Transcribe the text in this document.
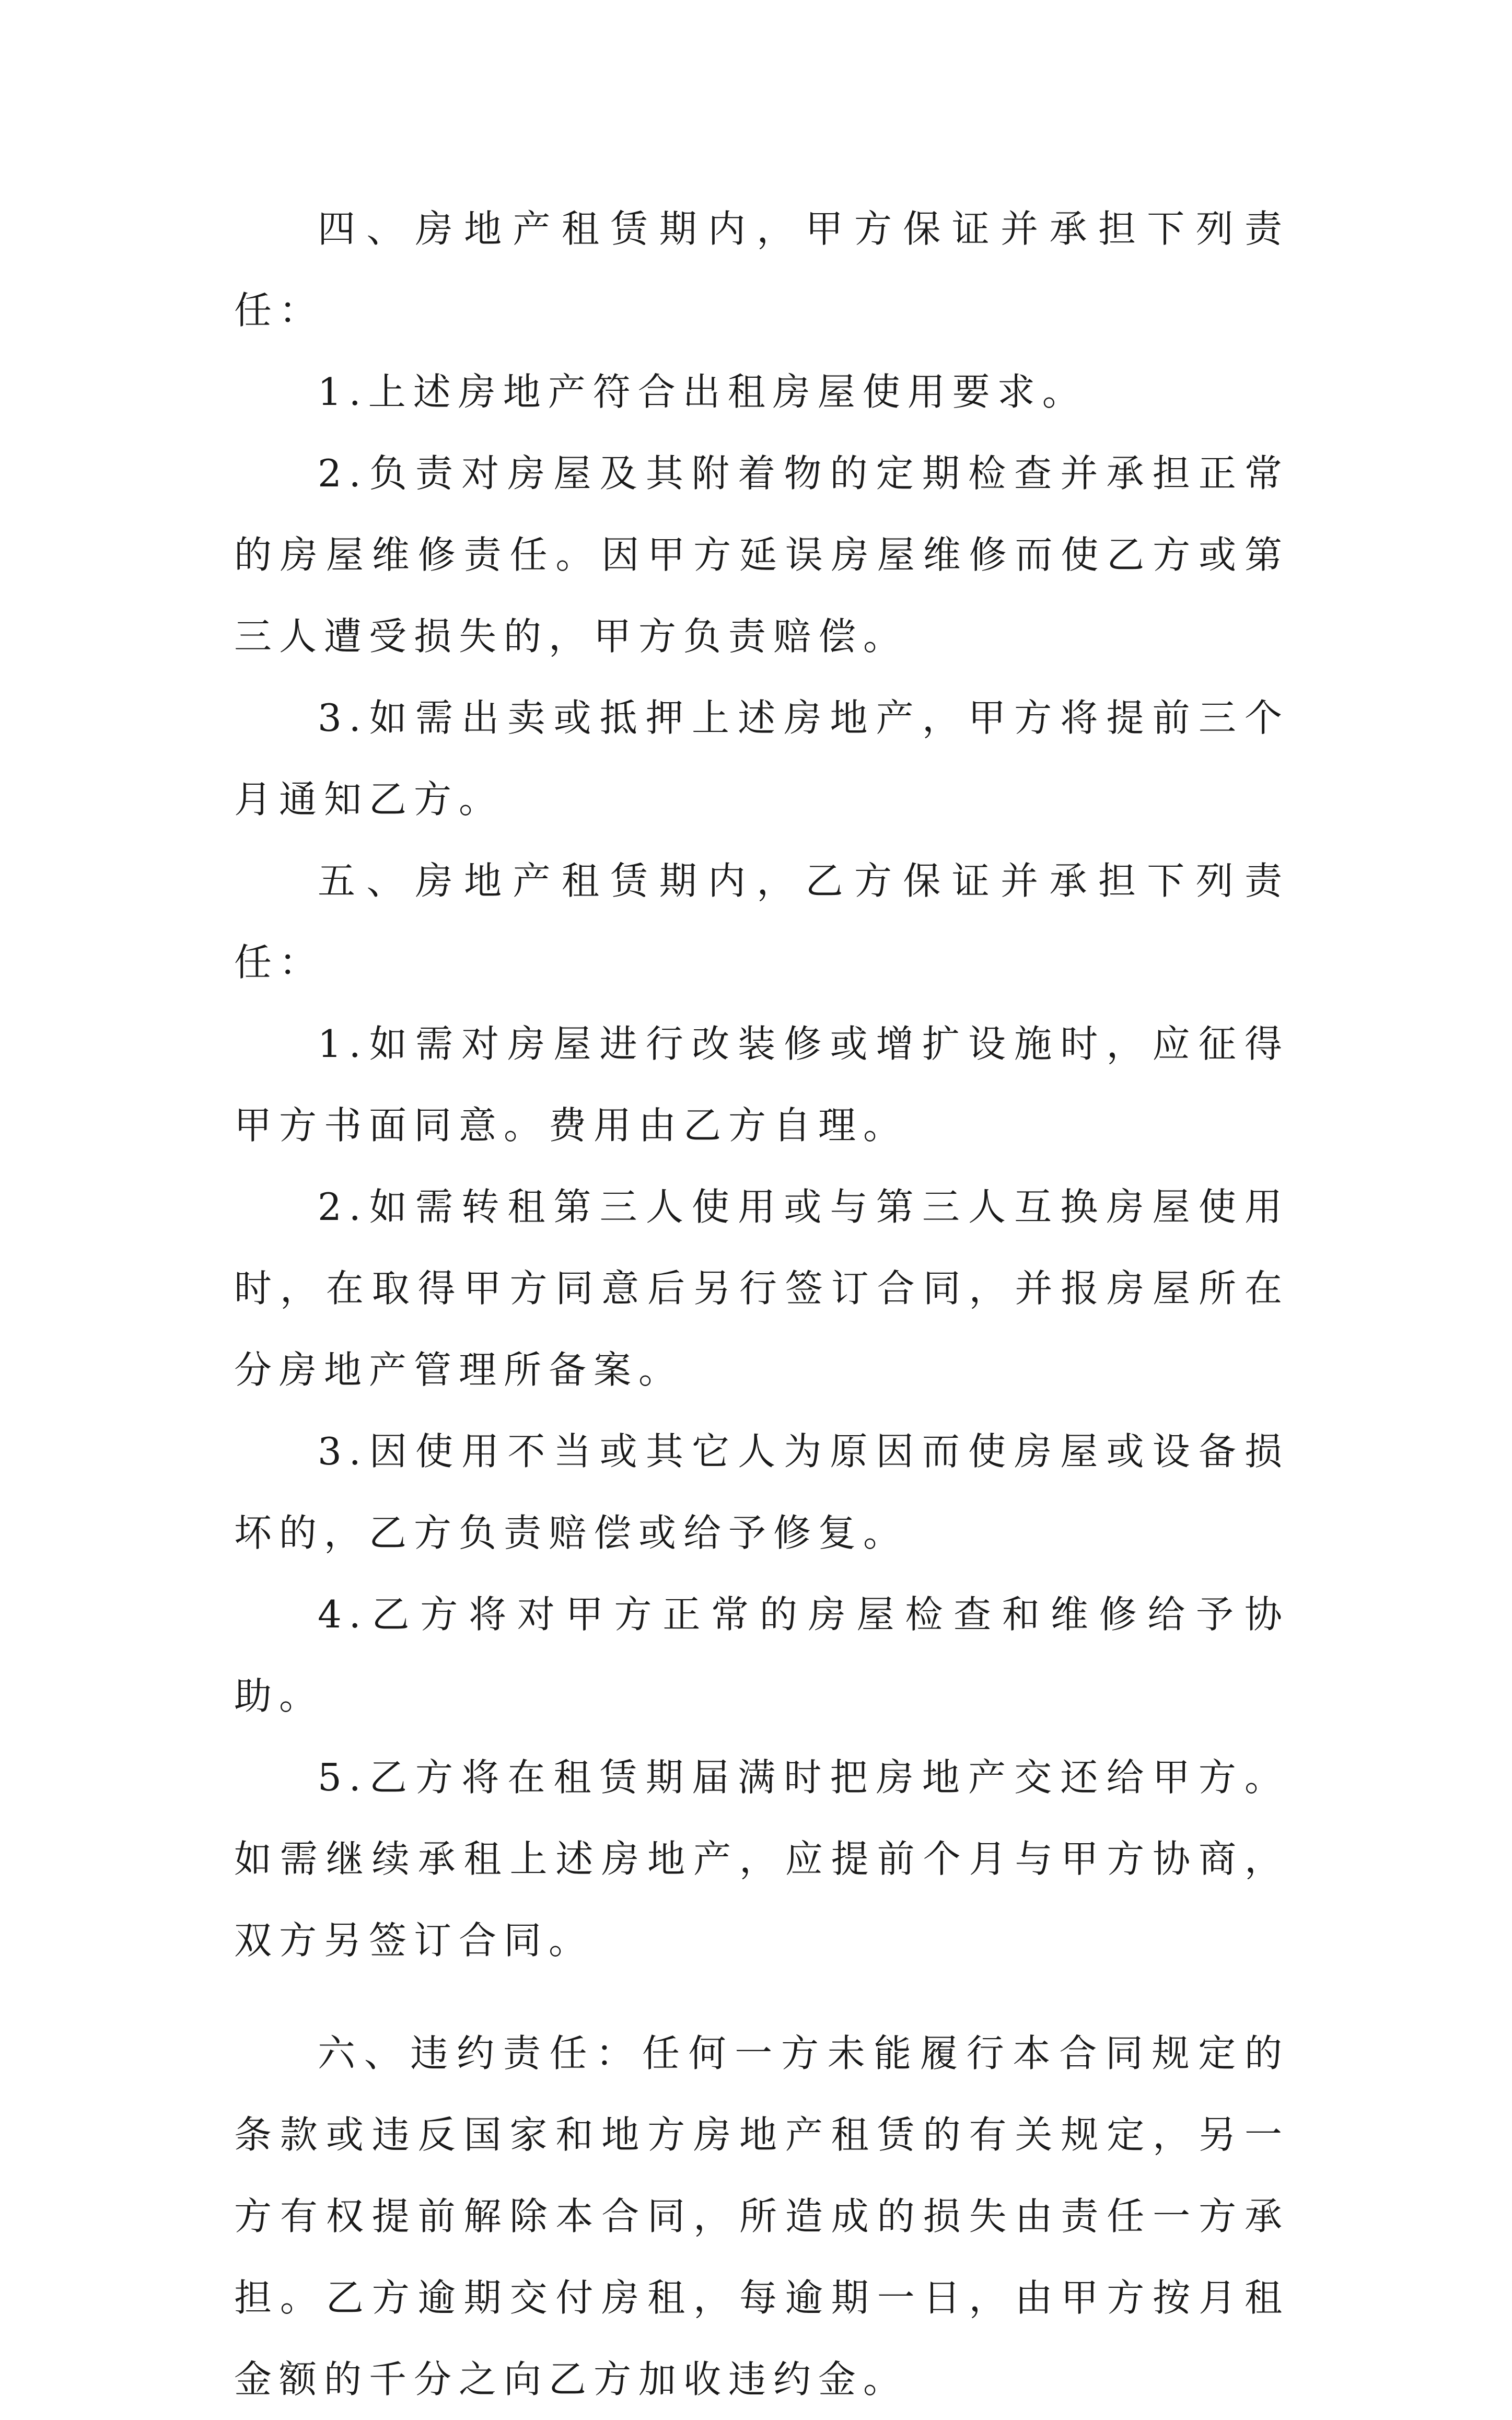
四、房地产租赁期内，甲方保证并承担下列责任：

1.上述房地产符合出租房屋使用要求。

2.负责对房屋及其附着物的定期检查并承担正常的房屋维修责任。因甲方延误房屋维修而使乙方或第三人遭受损失的，甲方负责赔偿。

3.如需出卖或抵押上述房地产，甲方将提前三个月通知乙方。

五、房地产租赁期内，乙方保证并承担下列责任：

1.如需对房屋进行改装修或增扩设施时，应征得甲方书面同意。费用由乙方自理。

2.如需转租第三人使用或与第三人互换房屋使用时，在取得甲方同意后另行签订合同，并报房屋所在分房地产管理所备案。

3.因使用不当或其它人为原因而使房屋或设备损坏的，乙方负责赔偿或给予修复。

4.乙方将对甲方正常的房屋检查和维修给予协助。

5.乙方将在租赁期届满时把房地产交还给甲方。如需继续承租上述房地产，应提前个月与甲方协商，双方另签订合同。

六、违约责任：任何一方未能履行本合同规定的条款或违反国家和地方房地产租赁的有关规定，另一方有权提前解除本合同，所造成的损失由责任一方承担。乙方逾期交付房租，每逾期一日，由甲方按月租金额的千分之向乙方加收违约金。
